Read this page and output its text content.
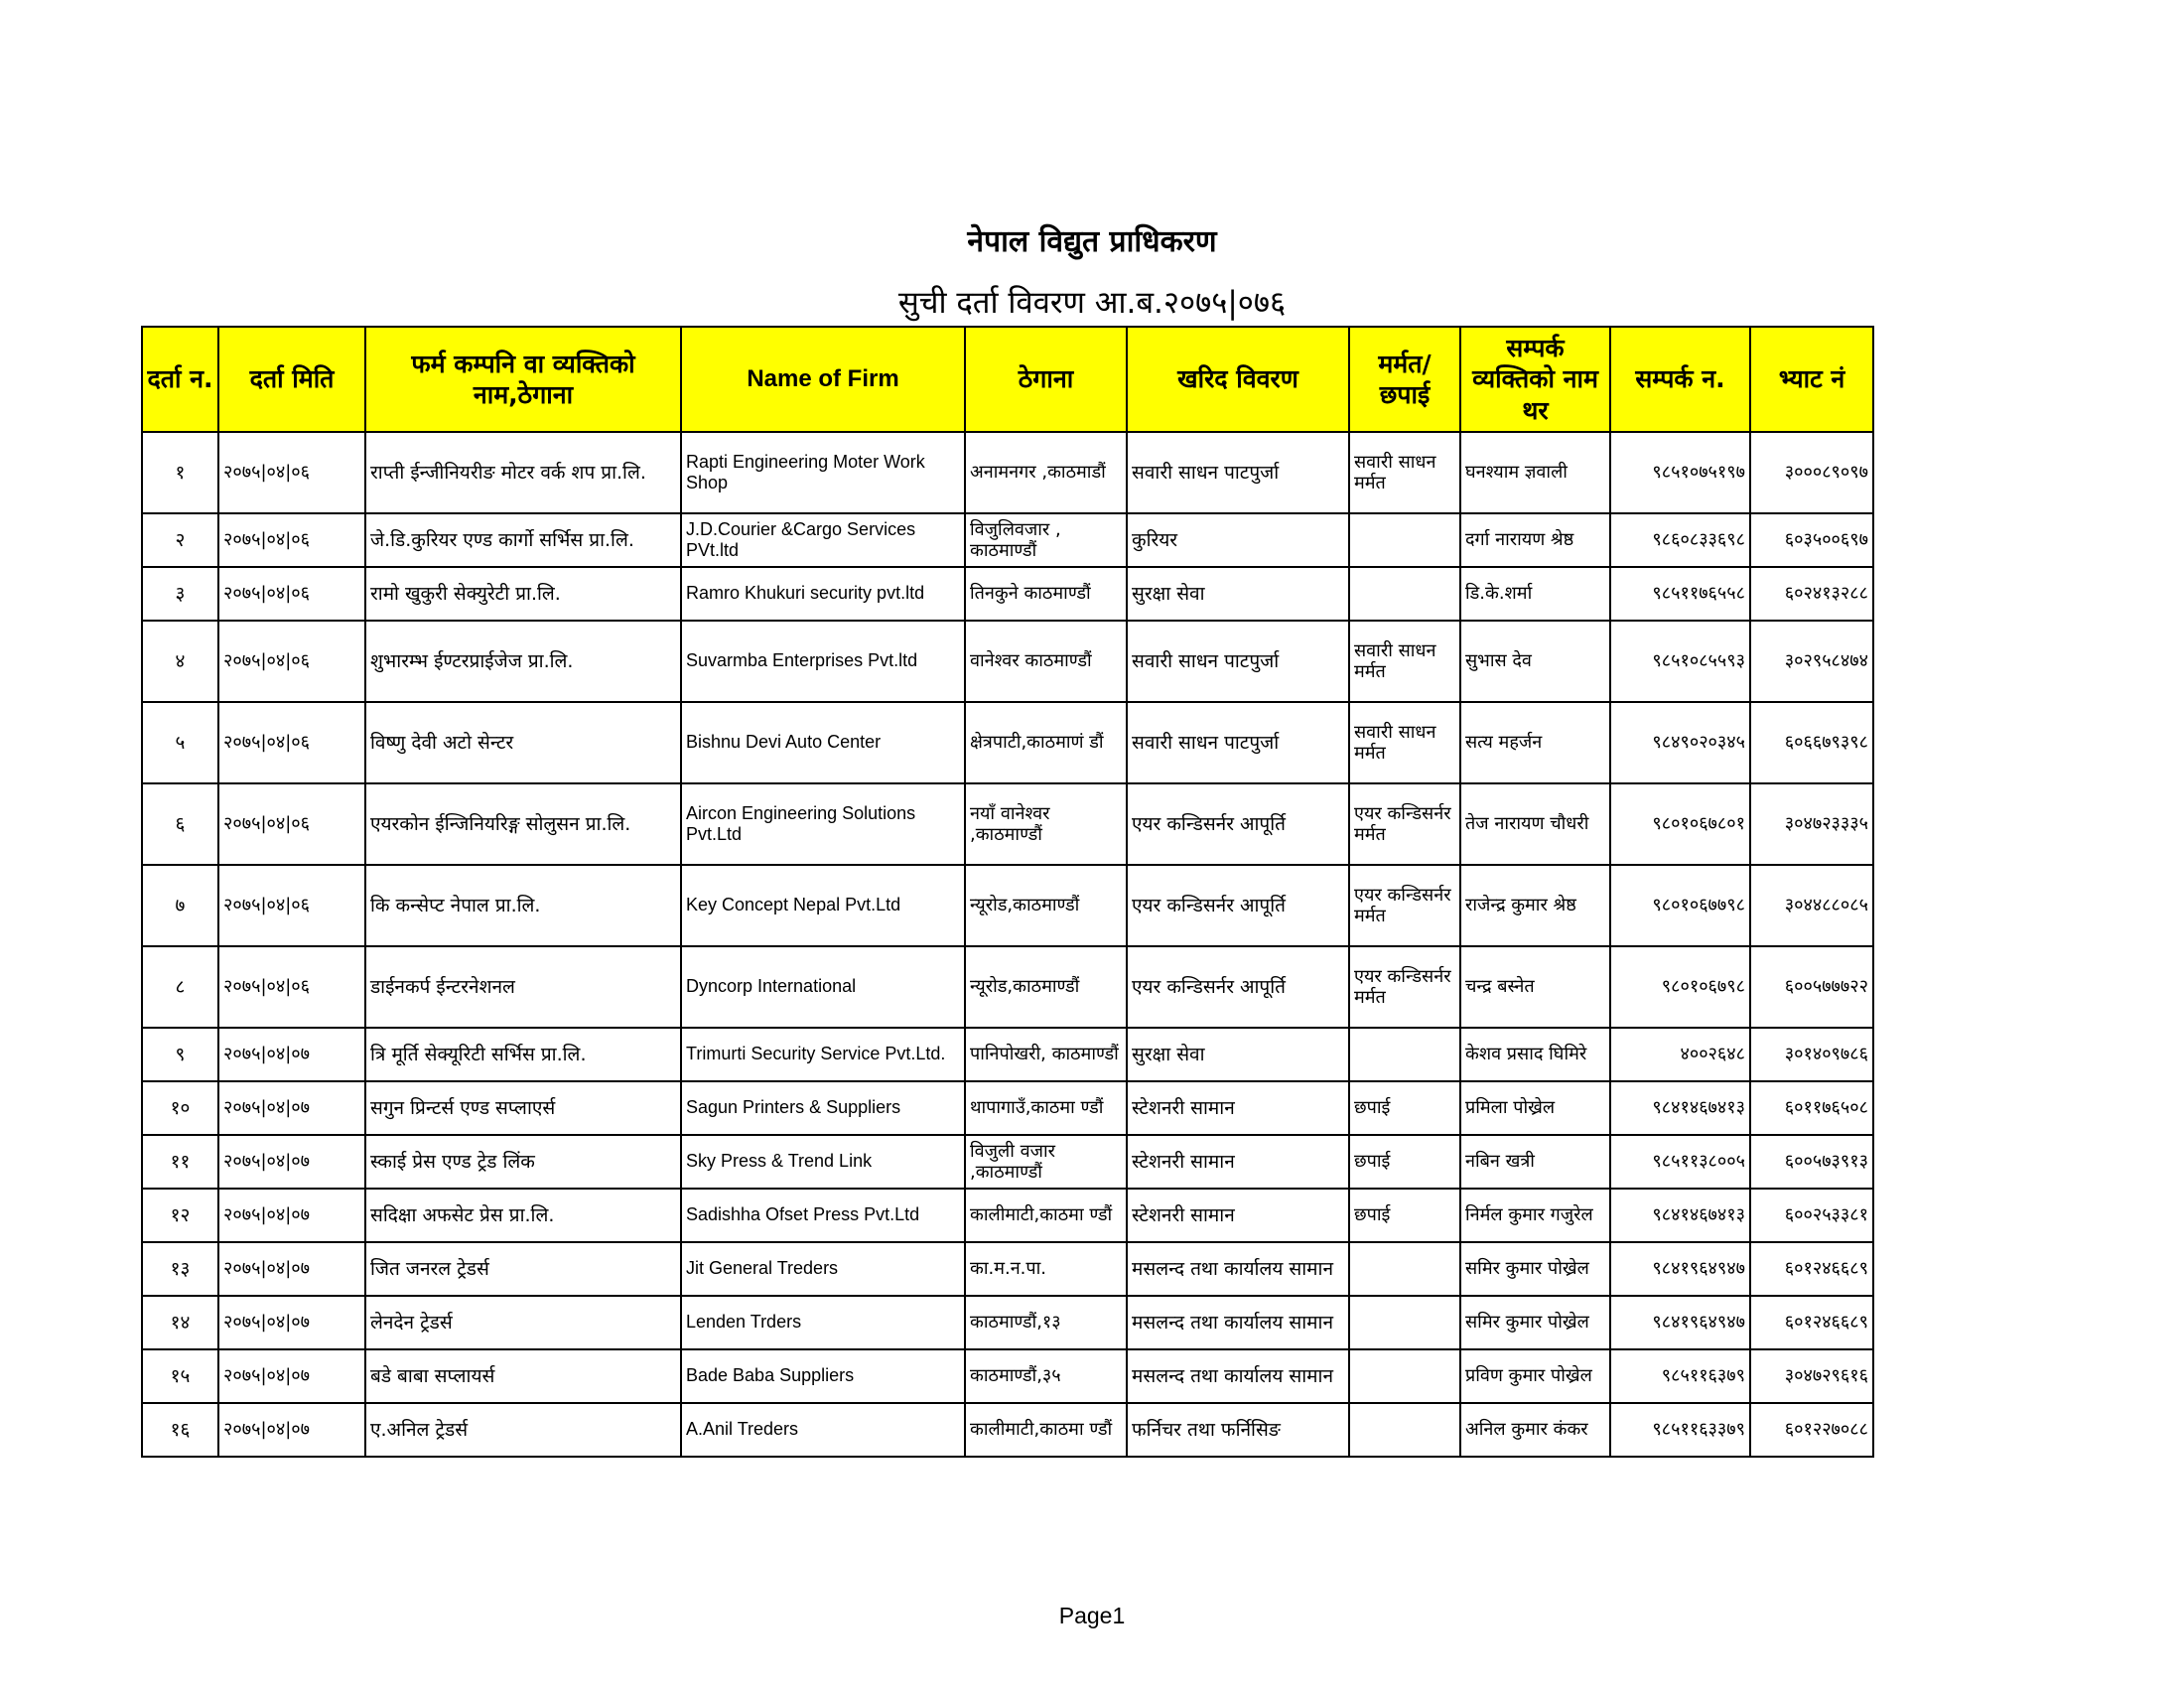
नेपाल विद्युत प्राधिकरण
सुची दर्ता विवरण आ.ब.२०७५|०७६
दर्ता न.	दर्ता मिति	फर्म कम्पनि वा व्यक्तिको नाम,ठेगाना	Name of Firm	ठेगाना	खरिद विवरण	मर्मत/छपाई	सम्पर्क व्यक्तिको नाम थर	सम्पर्क न.	भ्याट नं
१	२०७५|०४|०६	राप्ती ईन्जीनियरीङ मोटर वर्क शप प्रा.लि.	Rapti Engineering Moter Work Shop	अनामनगर ,काठमाडौं	सवारी साधन पाटपुर्जा	सवारी साधन मर्मत	घनश्याम ज्ञवाली	९८५१०७५१९७	३०००८९०९७
२	२०७५|०४|०६	जे.डि.कुरियर एण्ड कार्गो सर्भिस प्रा.लि.	J.D.Courier &Cargo Services PVt.ltd	विजुलिवजार , काठमाण्डौं	कुरियर		दर्गा नारायण श्रेष्ठ	९८६०८३३६९८	६०३५००६९७
३	२०७५|०४|०६	रामो खुकुरी सेक्युरेटी प्रा.लि.	Ramro Khukuri security pvt.ltd	तिनकुने काठमाण्डौं	सुरक्षा सेवा		डि.के.शर्मा	९८५११७६५५८	६०२४१३२८८
४	२०७५|०४|०६	शुभारम्भ ईण्टरप्राईजेज प्रा.लि.	Suvarmba Enterprises Pvt.ltd	वानेश्वर काठमाण्डौं	सवारी साधन पाटपुर्जा	सवारी साधन मर्मत	सुभास देव	९८५१०८५५९३	३०२९५८४७४
५	२०७५|०४|०६	विष्णु देवी अटो सेन्टर	Bishnu Devi Auto Center	क्षेत्रपाटी,काठमाणं डौं	सवारी साधन पाटपुर्जा	सवारी साधन मर्मत	सत्य महर्जन	९८४९०२०३४५	६०६६७९३९८
६	२०७५|०४|०६	एयरकोन ईन्जिनियरिङ्ग सोलुसन प्रा.लि.	Aircon Engineering Solutions Pvt.Ltd	नयाँ वानेश्वर ,काठमाण्डौं	एयर कन्डिसर्नर आपूर्ति	एयर कन्डिसर्नर मर्मत	तेज नारायण चौधरी	९८०१०६७८०१	३०४७२३३३५
७	२०७५|०४|०६	कि कन्सेप्ट नेपाल प्रा.लि.	Key Concept Nepal Pvt.Ltd	न्यूरोड,काठमाण्डौं	एयर कन्डिसर्नर आपूर्ति	एयर कन्डिसर्नर मर्मत	राजेन्द्र कुमार श्रेष्ठ	९८०१०६७७९८	३०४४८८०८५
८	२०७५|०४|०६	डाईनकर्प ईन्टरनेशनल	Dyncorp International	न्यूरोड,काठमाण्डौं	एयर कन्डिसर्नर आपूर्ति	एयर कन्डिसर्नर मर्मत	चन्द्र बस्नेत	९८०१०६७९८	६००५७७७२२
९	२०७५|०४|०७	त्रि मूर्ति सेक्यूरिटी सर्भिस प्रा.लि.	Trimurti Security Service Pvt.Ltd.	पानिपोखरी, काठमाण्डौं	सुरक्षा सेवा		केशव प्रसाद घिमिरे	४००२६४८	३०१४०९७८६
१०	२०७५|०४|०७	सगुन प्रिन्टर्स एण्ड सप्लाएर्स	Sagun Printers & Suppliers	थापागाउँ,काठमा ण्डौं	स्टेशनरी सामान	छपाई	प्रमिला पोख्रेल	९८४१४६७४१३	६०११७६५०८
११	२०७५|०४|०७	स्काई प्रेस एण्ड ट्रेड लिंक	Sky Press & Trend Link	विजुली वजार ,काठमाण्डौं	स्टेशनरी सामान	छपाई	नबिन खत्री	९८५११३८००५	६००५७३९१३
१२	२०७५|०४|०७	सदिक्षा अफसेट प्रेस प्रा.लि.	Sadishha Ofset Press Pvt.Ltd	कालीमाटी,काठमा ण्डौं	स्टेशनरी सामान	छपाई	निर्मल कुमार गजुरेल	९८४१४६७४१३	६००२५३३८१
१३	२०७५|०४|०७	जित जनरल ट्रेडर्स	Jit General Treders	का.म.न.पा.	मसलन्द तथा कार्यालय सामान		समिर कुमार पोख्रेल	९८४१९६४९४७	६०१२४६६८९
१४	२०७५|०४|०७	लेनदेन ट्रेडर्स	Lenden Trders	काठमाण्डौं,१३	मसलन्द तथा कार्यालय सामान		समिर कुमार पोख्रेल	९८४१९६४९४७	६०१२४६६८९
१५	२०७५|०४|०७	बडे बाबा सप्लायर्स	Bade Baba Suppliers	काठमाण्डौं,३५	मसलन्द तथा कार्यालय सामान		प्रविण कुमार पोख्रेल	९८५११६३७९	३०४७२९६१६
१६	२०७५|०४|०७	ए.अनिल ट्रेडर्स	A.Anil Treders	कालीमाटी,काठमा ण्डौं	फर्निचर तथा फर्निसिङ		अनिल कुमार कंकर	९८५११६३३७९	६०१२२७०८८
Page1
